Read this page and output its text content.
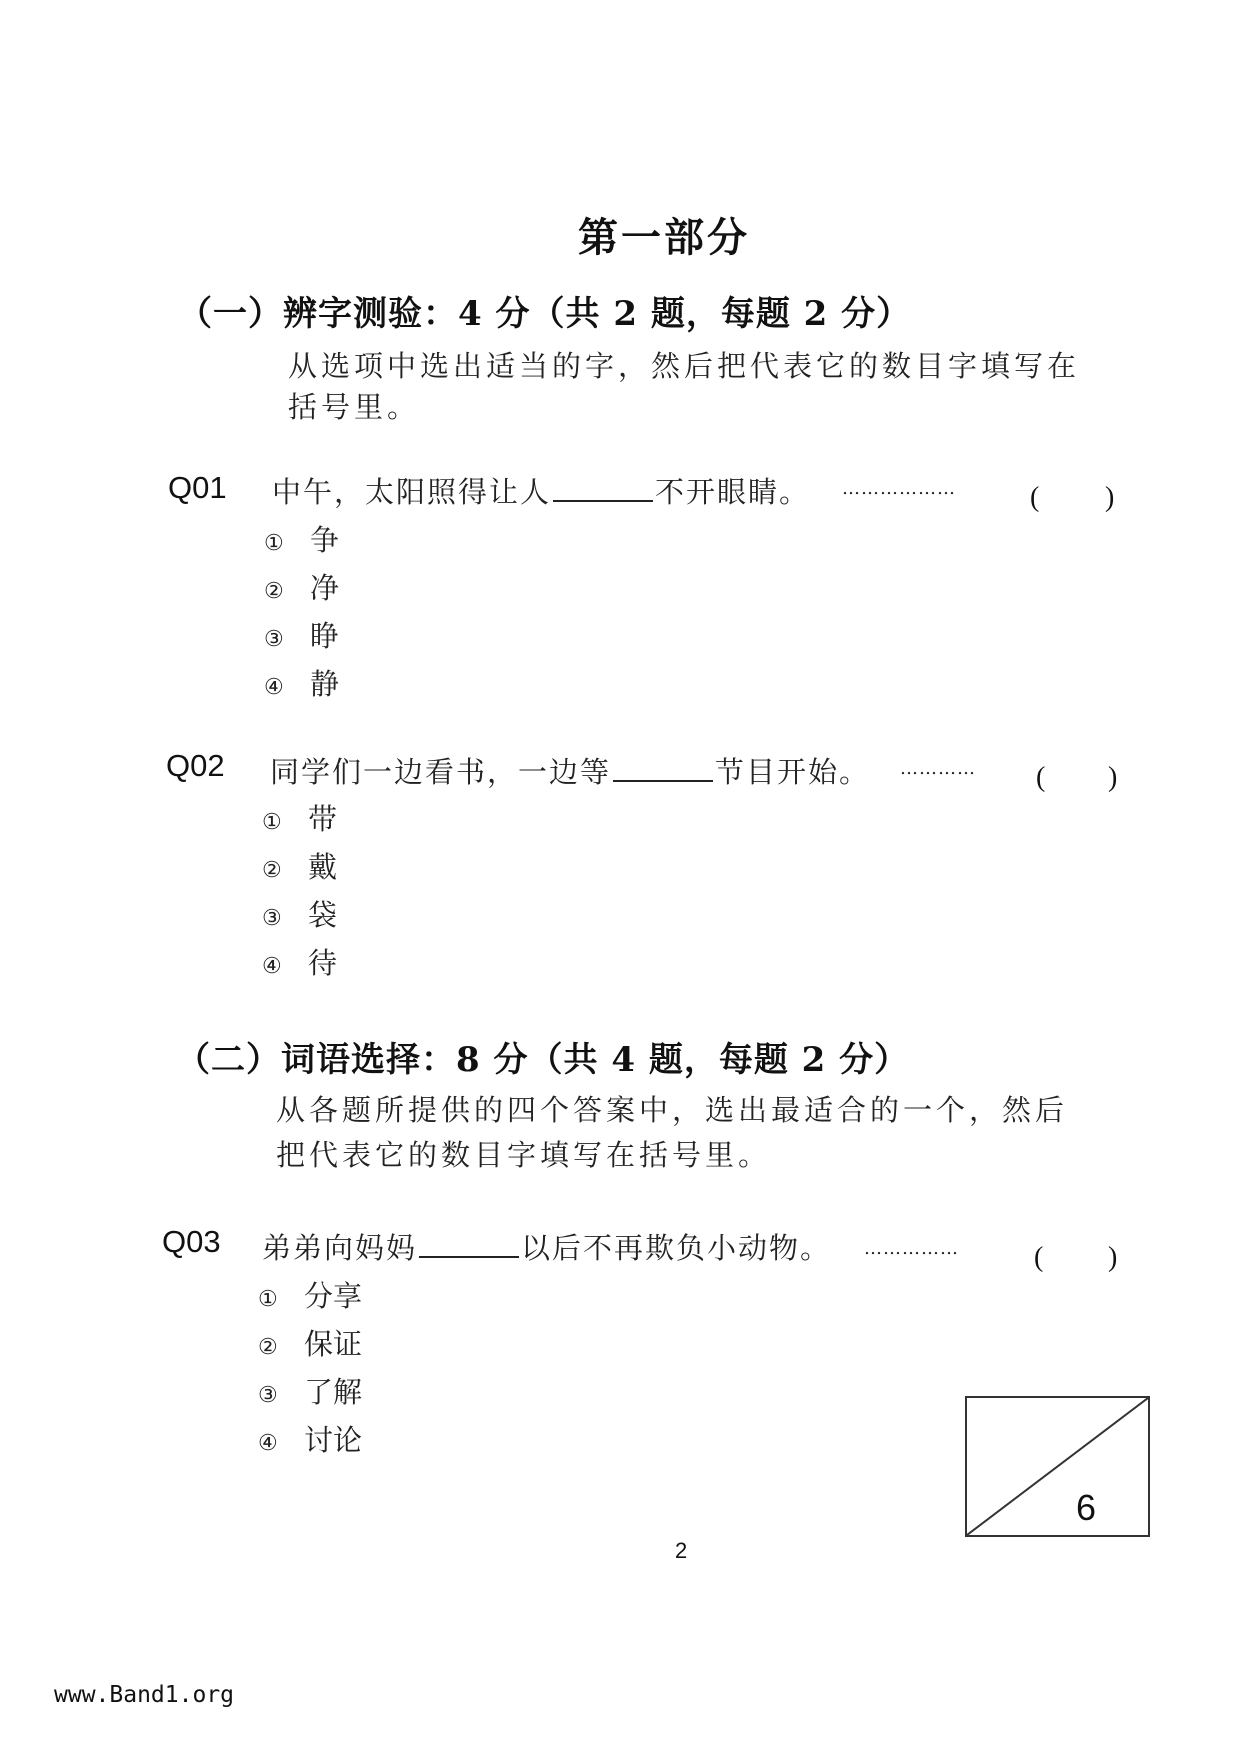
第一部分
（一）辨字测验：4 分（共 2 题，每题 2 分）
从选项中选出适当的字，然后把代表它的数目字填写在
括号里。
Q01 中午，太阳照得让人	不开眼睛。 ………………	( )
① 争
② 净
③ 睁
④ 静
Q02 同学们一边看书，一边等	节目开始。 ………… ( )
① 带
② 戴
③ 袋
④ 待
（二）词语选择：8 分（共 4 题，每题 2 分）
从各题所提供的四个答案中，选出最适合的一个，然后
把代表它的数目字填写在括号里。
Q03 弟弟向妈妈	以后不再欺负小动物。 ……………	( )
① 分享
② 保证
③ 了解
④ 讨论
6
2
www.Band1.org
